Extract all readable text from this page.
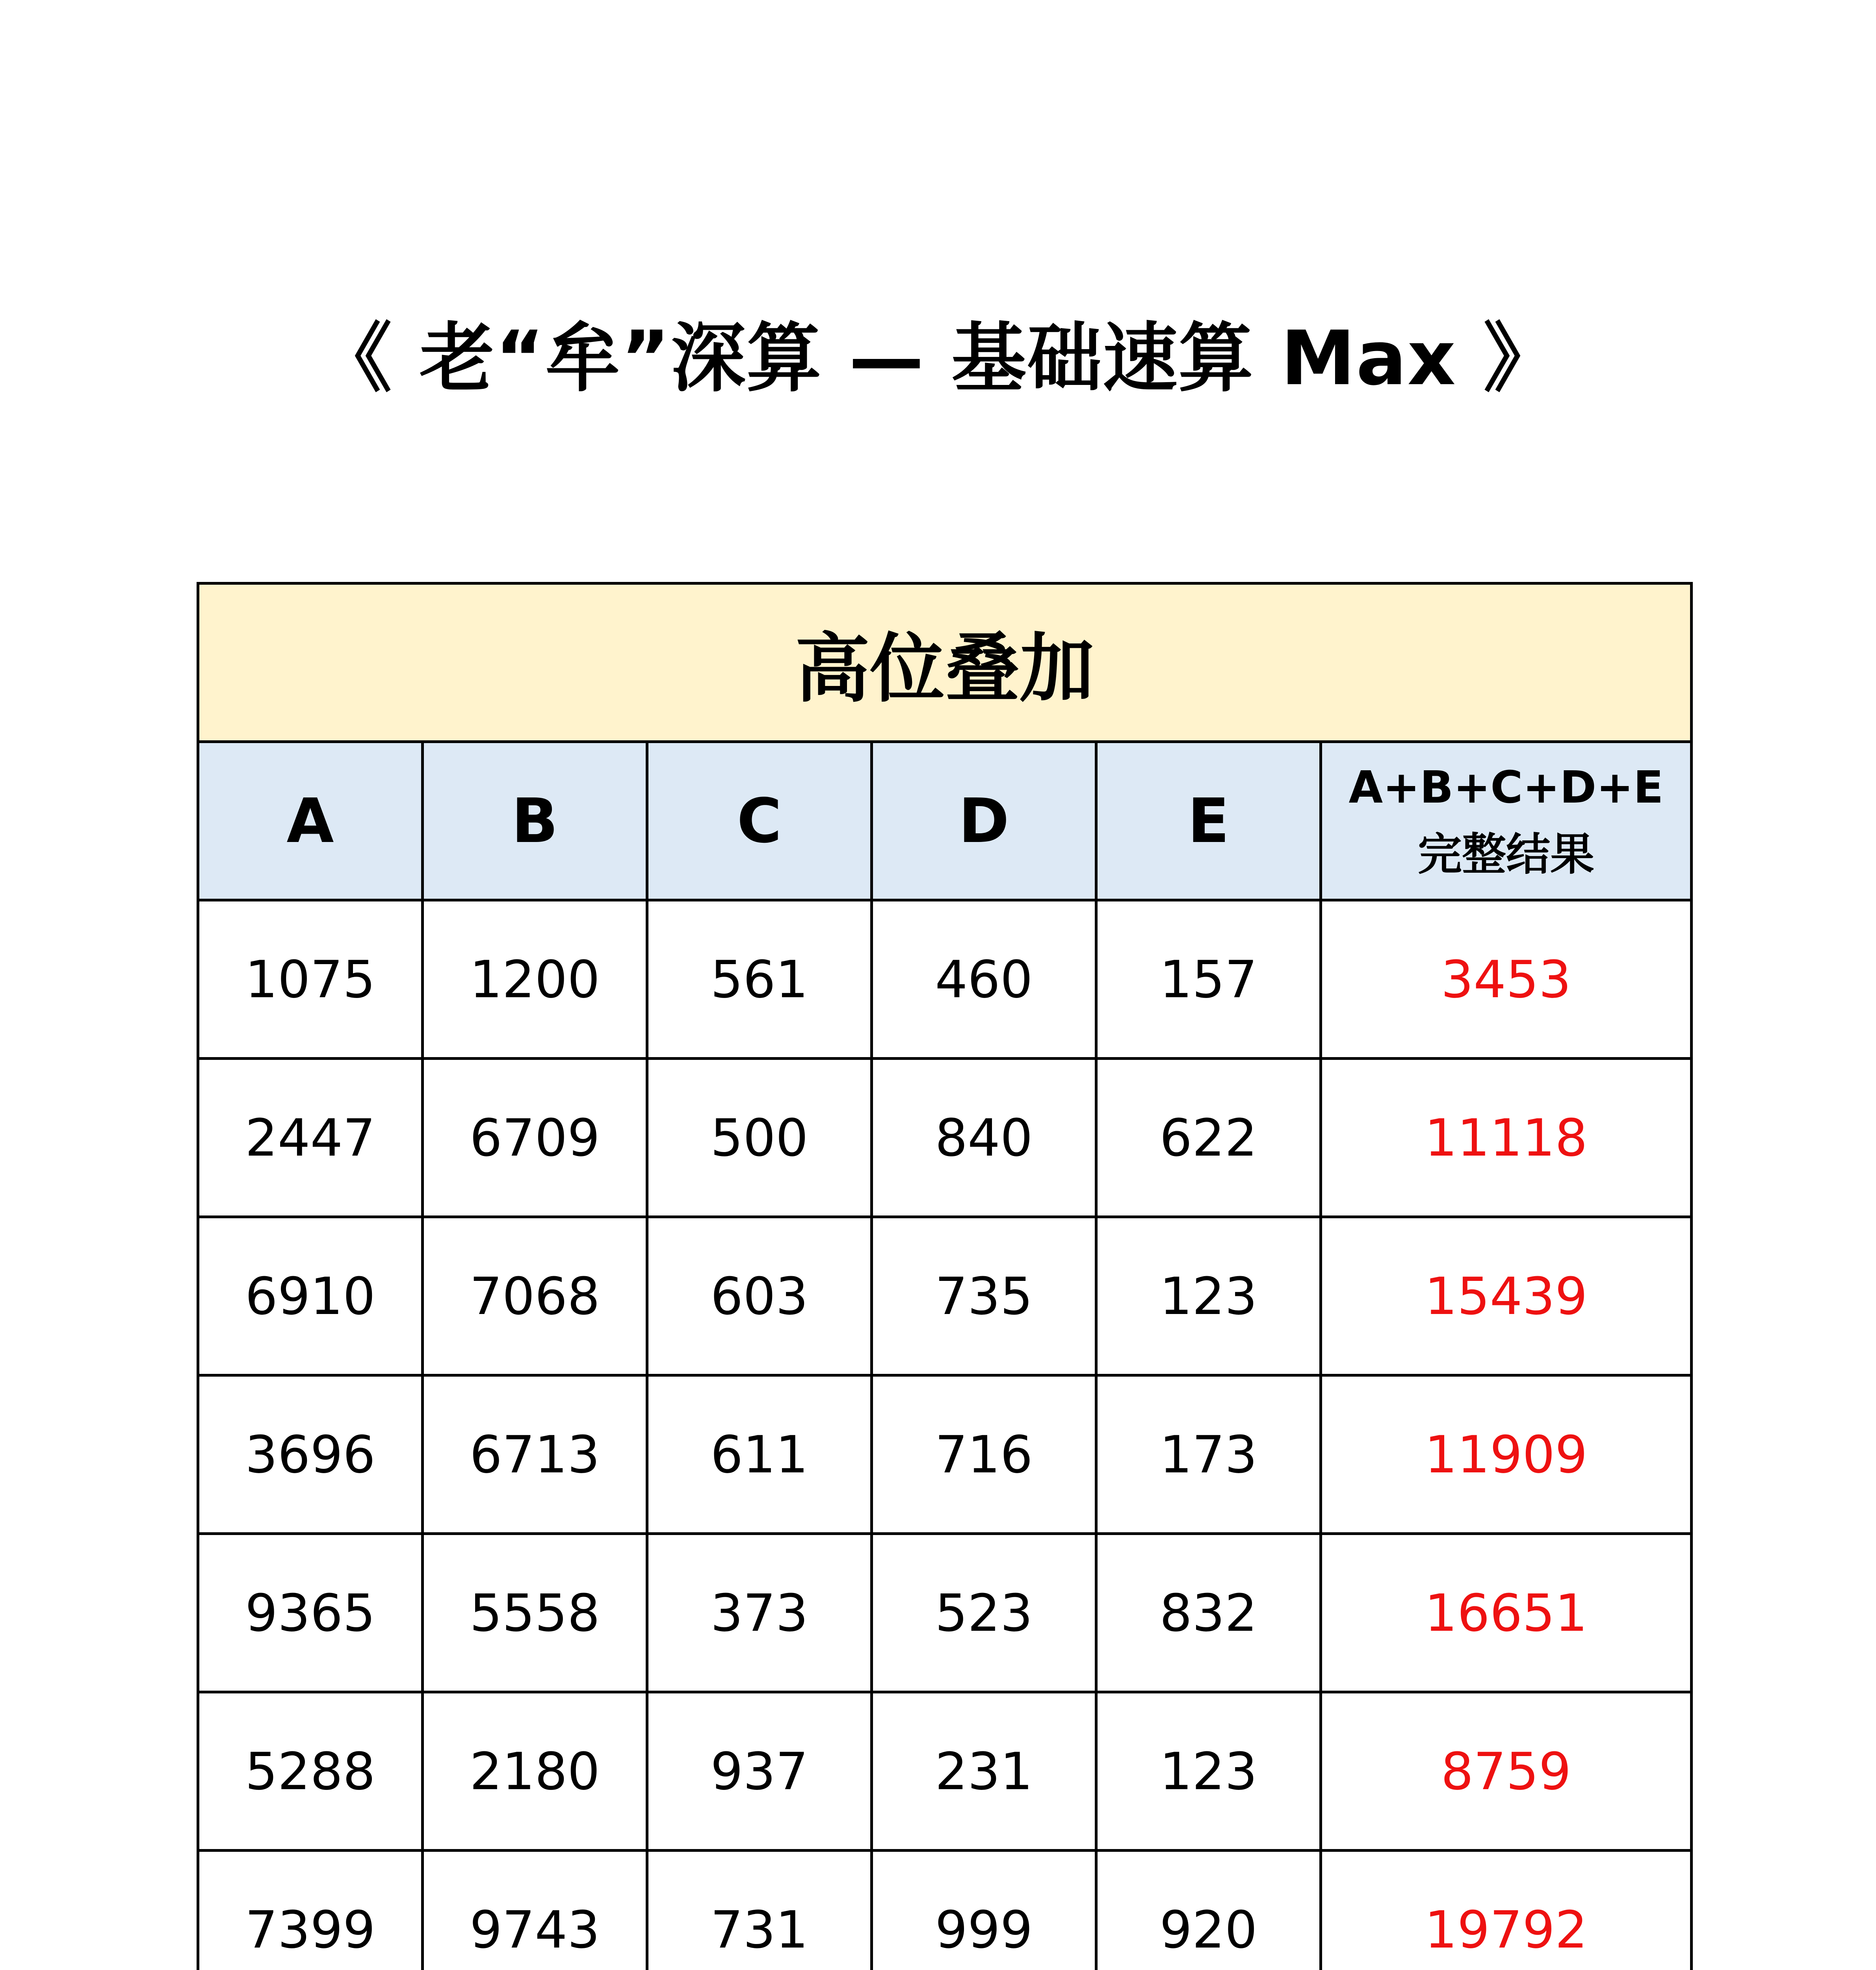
《 老“牟”深算 — 基础速算 Max 》
高位叠加					
A	B	C	D	E	A+B+C+D+E
完整结果

1075	1200	561	460	157	3453
2447	6709	500	840	622	11118
6910	7068	603	735	123	15439
3696	6713	611	716	173	11909
9365	5558	373	523	832	16651
5288	2180	937	231	123	8759
7399	9743	731	999	920	19792
